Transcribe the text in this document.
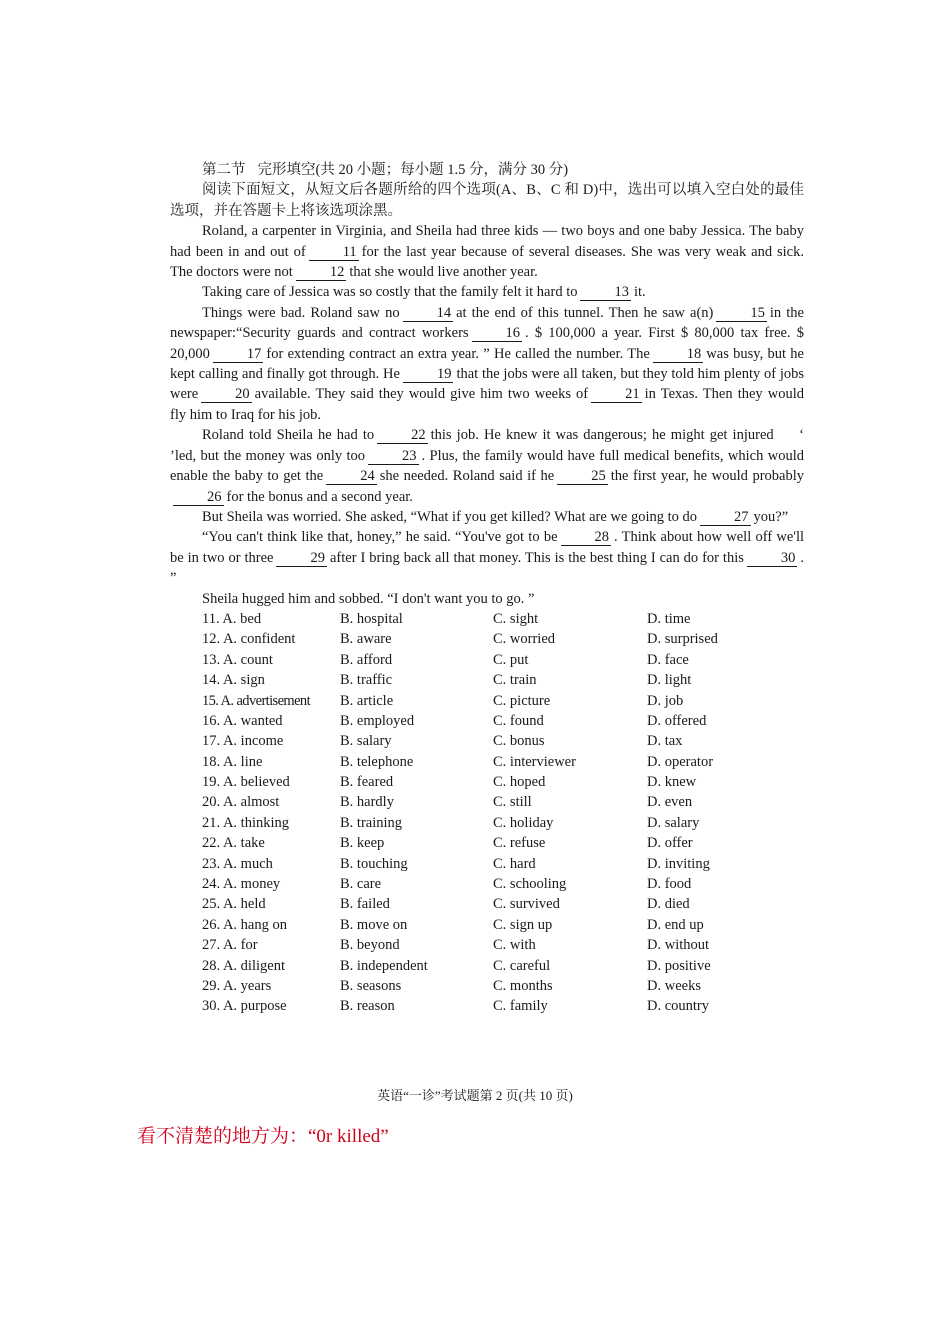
第二节 完形填空(共 20 小题；每小题 1.5 分，满分 30 分)
阅读下面短文，从短文后各题所给的四个选项(A、B、C 和 D)中，选出可以填入空白处的最佳选项，并在答题卡上将该选项涂黑。
Roland, a carpenter in Virginia, and Sheila had three kids — two boys and one baby Jessica. The baby had been in and out of	11 for the last year because of several diseases. She was very weak and sick. The doctors were not	12 that she would live another year.
Taking care of Jessica was so costly that the family felt it hard to	13 it.
Things were bad. Roland saw no	14 at the end of this tunnel. Then he saw a(n)	15 in the newspaper:“Security guards and contract workers	16 . $ 100,000 a year. First $ 80,000 tax free. $ 20,000	17 for extending contract an extra year. ” He called the number. The	18 was busy, but he kept calling and finally got through. He	19 that the jobs were all taken, but they told him plenty of jobs were	20 available. They said they would give him two weeks of	21 in Texas. Then they would fly him to Iraq for his job.
Roland told Sheila he had to	22 this job. He knew it was dangerous; he might get injured     ‘ ’led, but the money was only too	23 . Plus, the family would have full medical benefits, which would enable the baby to get the	24 she needed. Roland said if he	25 the first year, he would probably26 for the bonus and a second year.
But Sheila was worried. She asked, “What if you get killed? What are we going to do	27 you?”
“You can't think like that, honey,” he said. “You've got to be	28 . Think about how well off we'll be in two or three	29 after I bring back all that money. This is the best thing I can do for this	30 . ”
Sheila hugged him and sobbed. “I don't want you to go. ”
11. A. bed	B. hospital	C. sight	D. time
12. A. confident	B. aware	C. worried	D. surprised
13. A. count	B. afford	C. put	D. face
14. A. sign	B. traffic	C. train	D. light
15. A. advertisement	B. article	C. picture	D. job
16. A. wanted	B. employed	C. found	D. offered
17. A. income	B. salary	C. bonus	D. tax
18. A. line	B. telephone	C. interviewer	D. operator
19. A. believed	B. feared	C. hoped	D. knew
20. A. almost	B. hardly	C. still	D. even
21. A. thinking	B. training	C. holiday	D. salary
22. A. take	B. keep	C. refuse	D. offer
23. A. much	B. touching	C. hard	D. inviting
24. A. money	B. care	C. schooling	D. food
25. A. held	B. failed	C. survived	D. died
26. A. hang on	B. move on	C. sign up	D. end up
27. A. for	B. beyond	C. with	D. without
28. A. diligent	B. independent	C. careful	D. positive
29. A. years	B. seasons	C. months	D. weeks
30. A. purpose	B. reason	C. family	D. country
英语“一诊”考试题第 2 页(共 10 页)
看不清楚的地方为：“0r killed”
